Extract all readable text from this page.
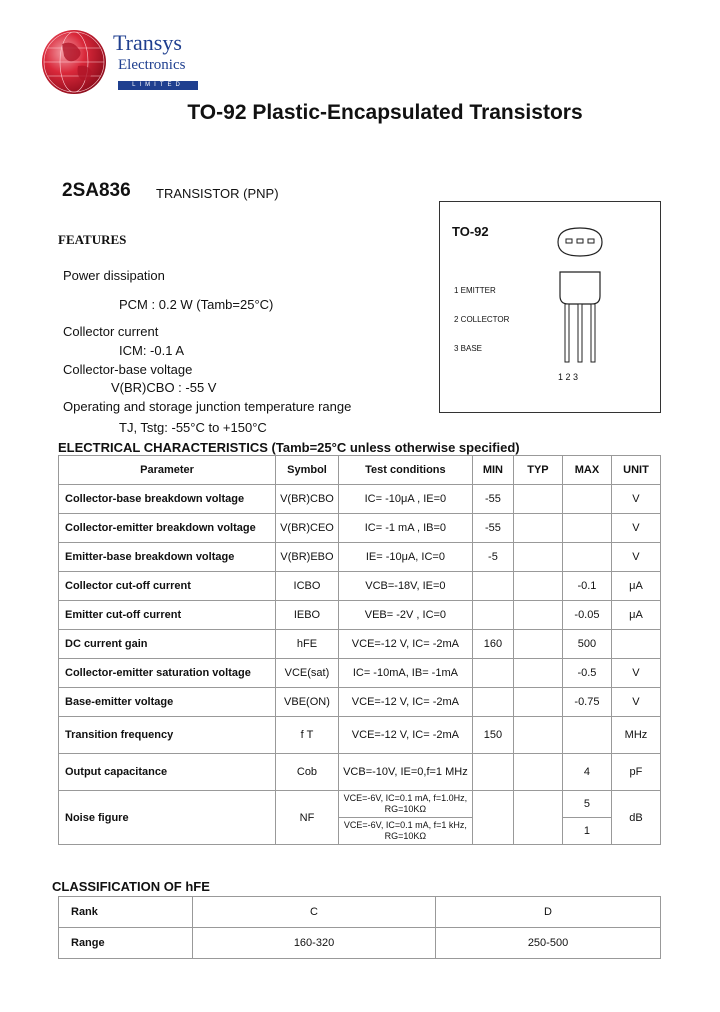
Transys
Electronics
LIMITED
TO-92 Plastic-Encapsulated Transistors
2SA836 TRANSISTOR (PNP)
FEATURES
Power dissipation
PCM : 0.2 W (Tamb=25°C)
Collector current
ICM: -0.1 A
Collector-base voltage
V(BR)CBO : -55 V
Operating and storage junction temperature range
TJ, Tstg: -55°C to +150°C
TO-92
1 EMITTER
2 COLLECTOR
3 BASE
1 2 3
ELECTRICAL CHARACTERISTICS (Tamb=25°C unless otherwise specified)
Parameter	Symbol	Test conditions	MIN	TYP	MAX	UNIT
Collector-base breakdown voltage	V(BR)CBO	IC= -10μA , IE=0	-55			V
Collector-emitter breakdown voltage	V(BR)CEO	IC= -1 mA , IB=0	-55			V
Emitter-base breakdown voltage	V(BR)EBO	IE= -10μA, IC=0	-5			V
Collector cut-off current	ICBO	VCB=-18V, IE=0			-0.1	μA
Emitter cut-off current	IEBO	VEB= -2V , IC=0			-0.05	μA
DC current gain	hFE	VCE=-12 V, IC= -2mA	160		500	
Collector-emitter saturation voltage	VCE(sat)	IC= -10mA, IB= -1mA			-0.5	V
Base-emitter voltage	VBE(ON)	VCE=-12 V, IC= -2mA			-0.75	V
Transition frequency	f T	VCE=-12 V, IC= -2mA	150			MHz
Output capacitance	Cob	VCB=-10V, IE=0,f=1 MHz			4	pF
Noise figure	NF	VCE=-6V, IC=0.1 mA, f=1.0Hz, RG=10KΩ			5	dB
		VCE=-6V, IC=0.1 mA, f=1 kHz, RG=10KΩ			1	
CLASSIFICATION OF hFE
Rank	C	D
Range	160-320	250-500
